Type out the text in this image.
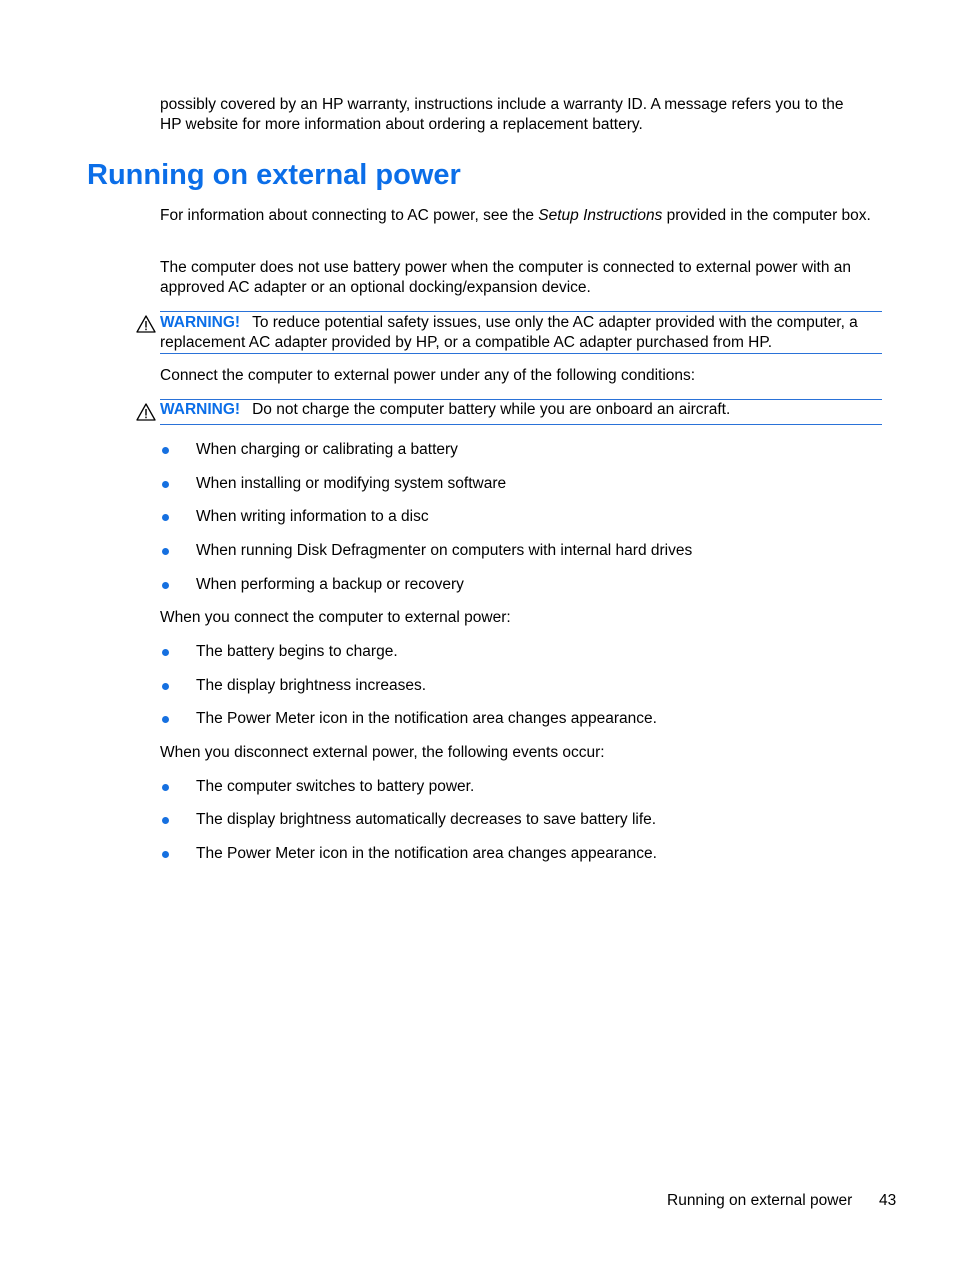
possibly covered by an HP warranty, instructions include a warranty ID. A message refers you to the
HP website for more information about ordering a replacement battery.

Running on external power

For information about connecting to AC power, see the Setup Instructions provided in the computer box.

The computer does not use battery power when the computer is connected to external power with an approved AC adapter or an optional docking/expansion device.

WARNING! To reduce potential safety issues, use only the AC adapter provided with the computer, a replacement AC adapter provided by HP, or a compatible AC adapter purchased from HP.

Connect the computer to external power under any of the following conditions:

WARNING! Do not charge the computer battery while you are onboard an aircraft.
When charging or calibrating a battery
When installing or modifying system software
When writing information to a disc
When running Disk Defragmenter on computers with internal hard drives
When performing a backup or recovery

When you connect the computer to external power:

The battery begins to charge.
The display brightness increases.
The Power Meter icon in the notification area changes appearance.

When you disconnect external power, the following events occur:

The computer switches to battery power.
The display brightness automatically decreases to save battery life.
The Power Meter icon in the notification area changes appearance.
Running on external power 43
